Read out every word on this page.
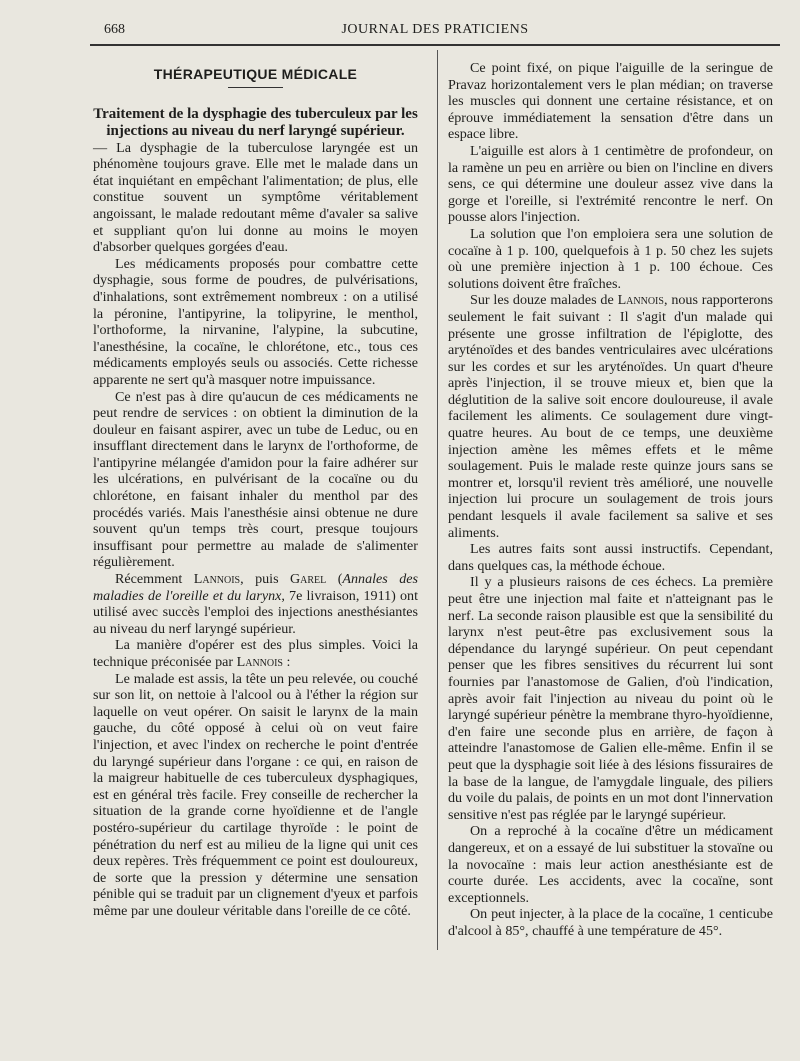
668	JOURNAL DES PRATICIENS
THÉRAPEUTIQUE MÉDICALE

Traitement de la dysphagie des tuberculeux par les injections au niveau du nerf laryngé supérieur.

— La dysphagie de la tuberculose laryngée est un phénomène toujours grave. Elle met le malade dans un état inquiétant en empêchant l'alimentation; de plus, elle constitue souvent un symptôme véritablement angoissant, le malade redoutant même d'avaler sa salive et suppliant qu'on lui donne au moins le moyen d'absorber quelques gorgées d'eau.

Les médicaments proposés pour combattre cette dysphagie, sous forme de poudres, de pulvérisations, d'inhalations, sont extrêmement nombreux : on a utilisé la péronine, l'antipyrine, la tolipyrine, le menthol, l'orthoforme, la nirvanine, l'alypine, la subcutine, l'anesthésine, la cocaïne, le chlorétone, etc., tous ces médicaments employés seuls ou associés. Cette richesse apparente ne sert qu'à masquer notre impuissance.

Ce n'est pas à dire qu'aucun de ces médicaments ne peut rendre de services : on obtient la diminution de la douleur en faisant aspirer, avec un tube de Leduc, ou en insufflant directement dans le larynx de l'orthoforme, de l'antipyrine mélangée d'amidon pour la faire adhérer sur les ulcérations, en pulvérisant de la cocaïne ou du chlorétone, en faisant inhaler du menthol par des procédés variés. Mais l'anesthésie ainsi obtenue ne dure souvent qu'un temps très court, presque toujours insuffisant pour permettre au malade de s'alimenter régulièrement.

Récemment Lannois, puis Garel (Annales des maladies de l'oreille et du larynx, 7e livraison, 1911) ont utilisé avec succès l'emploi des injections anesthésiantes au niveau du nerf laryngé supérieur.

La manière d'opérer est des plus simples. Voici la technique préconisée par Lannois :

Le malade est assis, la tête un peu relevée, ou couché sur son lit, on nettoie à l'alcool ou à l'éther la région sur laquelle on veut opérer. On saisit le larynx de la main gauche, du côté opposé à celui où on veut faire l'injection, et avec l'index on recherche le point d'entrée du laryngé supérieur dans l'organe : ce qui, en raison de la maigreur habituelle de ces tuberculeux dysphagiques, est en général très facile. Frey conseille de rechercher la situation de la grande corne hyoïdienne et de l'angle postéro-supérieur du cartilage thyroïde : le point de pénétration du nerf est au milieu de la ligne qui unit ces deux repères. Très fréquemment ce point est douloureux, de sorte que la pression y détermine une sensation pénible qui se traduit par un clignement d'yeux et parfois même par une douleur véritable dans l'oreille de ce côté.

Ce point fixé, on pique l'aiguille de la seringue de Pravaz horizontalement vers le plan médian; on traverse les muscles qui donnent une certaine résistance, et on éprouve immédiatement la sensation d'être dans un espace libre.

L'aiguille est alors à 1 centimètre de profondeur, on la ramène un peu en arrière ou bien on l'incline en divers sens, ce qui détermine une douleur assez vive dans la gorge et l'oreille, si l'extrémité rencontre le nerf. On pousse alors l'injection.

La solution que l'on emploiera sera une solution de cocaïne à 1 p. 100, quelquefois à 1 p. 50 chez les sujets où une première injection à 1 p. 100 échoue. Ces solutions doivent être fraîches.

Sur les douze malades de Lannois, nous rapporterons seulement le fait suivant : Il s'agit d'un malade qui présente une grosse infiltration de l'épiglotte, des aryténoïdes et des bandes ventriculaires avec ulcérations sur les cordes et sur les aryténoïdes. Un quart d'heure après l'injection, il se trouve mieux et, bien que la déglutition de la salive soit encore douloureuse, il avale facilement les aliments. Ce soulagement dure vingt-quatre heures. Au bout de ce temps, une deuxième injection amène les mêmes effets et le même soulagement. Puis le malade reste quinze jours sans se montrer et, lorsqu'il revient très amélioré, une nouvelle injection lui procure un soulagement de trois jours pendant lesquels il avale facilement sa salive et ses aliments.

Les autres faits sont aussi instructifs. Cependant, dans quelques cas, la méthode échoue.

Il y a plusieurs raisons de ces échecs. La première peut être une injection mal faite et n'atteignant pas le nerf. La seconde raison plausible est que la sensibilité du larynx n'est peut-être pas exclusivement sous la dépendance du laryngé supérieur. On peut cependant penser que les fibres sensitives du récurrent lui sont fournies par l'anastomose de Galien, d'où l'indication, après avoir fait l'injection au niveau du point où le laryngé supérieur pénètre la membrane thyro-hyoïdienne, d'en faire une seconde plus en arrière, de façon à atteindre l'anastomose de Galien elle-même. Enfin il se peut que la dysphagie soit liée à des lésions fissuraires de la base de la langue, de l'amygdale linguale, des piliers du voile du palais, de points en un mot dont l'innervation sensitive n'est pas réglée par le laryngé supérieur.

On a reproché à la cocaïne d'être un médicament dangereux, et on a essayé de lui substituer la stovaïne ou la novocaïne : mais leur action anesthésiante est de courte durée. Les accidents, avec la cocaïne, sont exceptionnels.

On peut injecter, à la place de la cocaïne, 1 centicube d'alcool à 85°, chauffé à une température de 45°.
